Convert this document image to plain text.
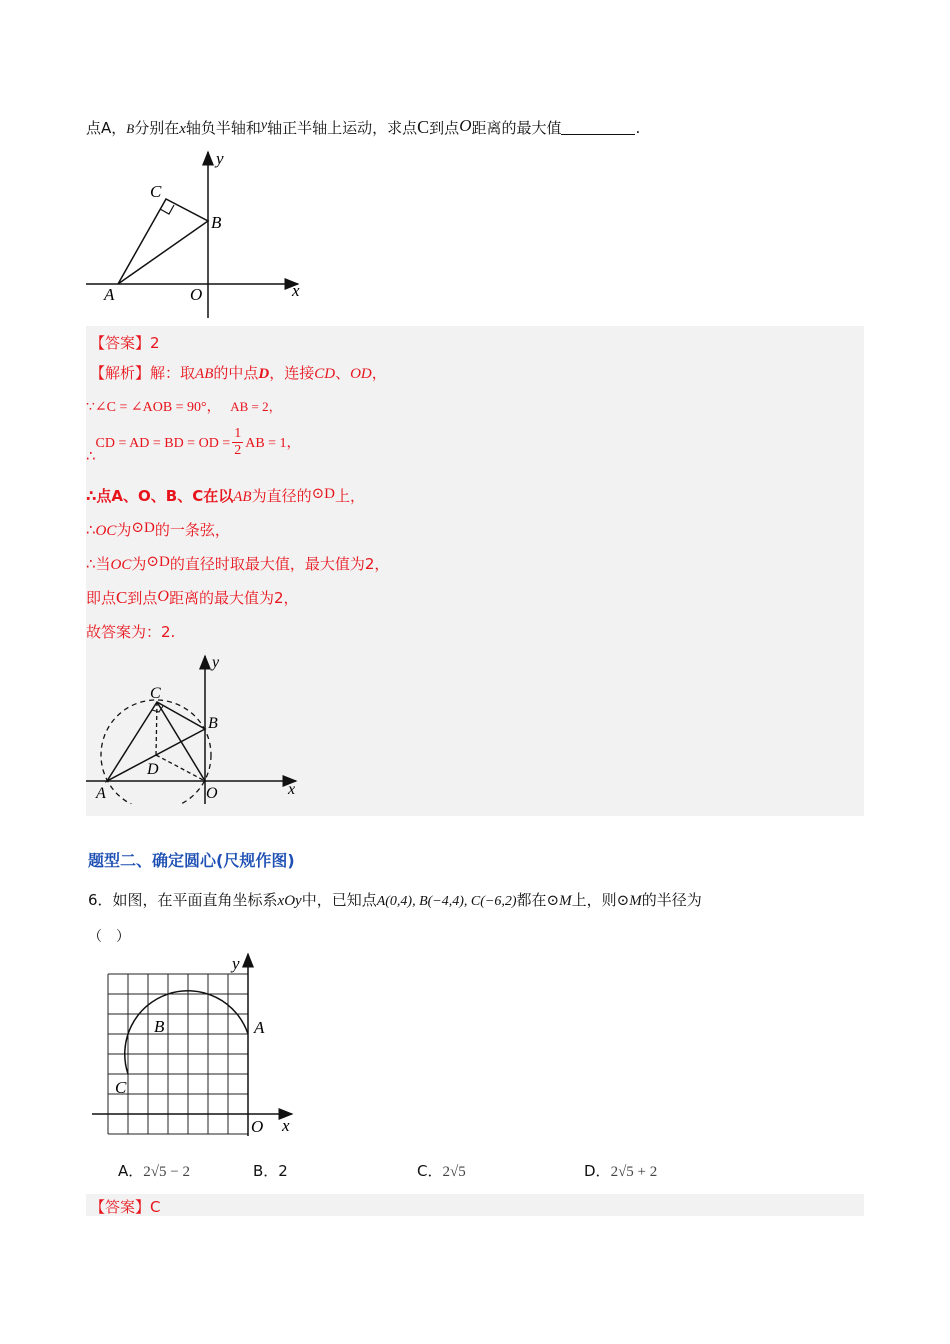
点A，B分别在x轴负半轴和y轴正半轴上运动，求点C到点O距离的最大值	.
y
C
B
A	O	x
【答案】2
【解析】解：取AB的中点D，连接CD、OD，
∵∠C = ∠AOB = 90°， AB = 2，
∴CD = AD = BD = OD = $\frac{1}{2}$ AB = 1，
∴点A、O、B、C在以AB为直径的⊙D上，
∴OC为⊙D的一条弦，
∴当OC为⊙D的直径时取最大值，最大值为2，
即点C到点O距离的最大值为2，
故答案为：2.
y
C
B
D
A	O	x
题型二、确定圆心(尺规作图)
6．如图，在平面直角坐标系xOy中，已知点A(0,4), B(−4,4), C(−6,2)都在⊙M上，则⊙M的半径为
（　）
y
B	A
C
O x
A．2√5 − 2	B．2	C．2√5	D．2√5 + 2
【答案】C
